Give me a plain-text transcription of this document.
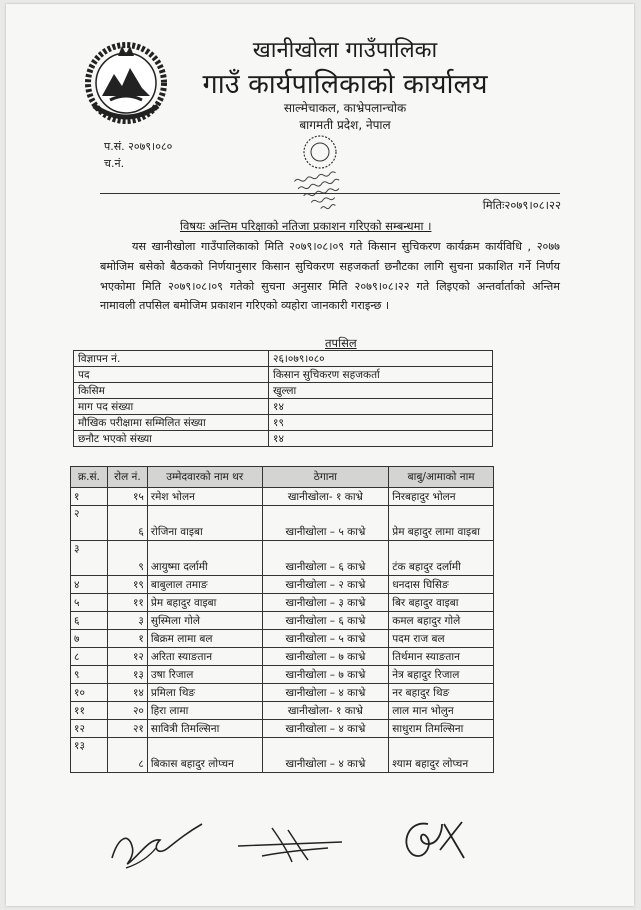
खानीखोला गाउँपालिका
गाउँ कार्यपालिकाको कार्यालय
साल्मेचाकल, काभ्रेपलान्चोक
बागमती प्रदेश, नेपाल
प.सं. २०७९।०८०
च.नं.
मितिः२०७९।०८।२२
विषयः अन्तिम परिक्षाको नतिजा प्रकाशन गरिएको सम्बन्धमा ।
यस खानीखोला गाउँपालिकाको मिति २०७९।०८।०९ गते किसान सुचिकरण कार्यक्रम कार्यविधि , २०७७ बमोजिम बसेको बैठकको निर्णयानुसार किसान सुचिकरण सहजकर्ता छनौटका लागि सुचना प्रकाशित गर्ने निर्णय भएकोमा मिति २०७९।०८।०९ गतेको सुचना अनुसार मिति २०७९।०८।२२ गते लिइएको अन्तर्वार्ताको अन्तिम नामावली तपसिल बमोजिम प्रकाशन गरिएको व्यहोरा जानकारी गराइन्छ ।
तपसिल
विज्ञापन नं.	२६।०७९।०८०
पद	किसान सुचिकरण सहजकर्ता
किसिम	खुल्ला
माग पद संख्या	१४
मौखिक परीक्षामा सम्मिलित संख्या	१९
छनौट भएको संख्या	१४
क्र.सं.	रोल नं.	उम्मेदवारको नाम थर	ठेगाना	बाबु/आमाको नाम
१	१५	रमेश भोलन	खानीखोला- १ काभ्रे	निरबहादुर भोलन
२	६	रोजिना वाइबा	खानीखोला – ५ काभ्रे	प्रेम बहादुर लामा वाइबा
३	९	आयुष्मा दर्लामी	खानीखोला – ६ काभ्रे	टंक बहादुर दर्लामी
४	१९	बाबुलाल तमाङ	खानीखोला – २ काभ्रे	धनदास घिसिङ
५	११	प्रेम बहादुर वाइबा	खानीखोला – ३ काभ्रे	बिर बहादुर वाइबा
६	३	सुस्मिला गोले	खानीखोला – ६ काभ्रे	कमल बहादुर गोले
७	१	बिक्रम लामा बल	खानीखोला – ५ काभ्रे	पदम राज बल
८	१२	अरिता स्याङतान	खानीखोला – ७ काभ्रे	तिर्थमान स्याङतान
९	१३	उषा रिजाल	खानीखोला – ७ काभ्रे	नेत्र बहादुर रिजाल
१०	१४	प्रमिला थिङ	खानीखोला – ४ काभ्रे	नर बहादुर थिङ
११	२०	हिरा लामा	खानीखोला- १ काभ्रे	लाल मान भोलुन
१२	२१	सावित्री तिमल्सिना	खानीखोला – ४ काभ्रे	साधुराम तिमल्सिना
१३	८	बिकास बहादुर लोप्चन	खानीखोला – ४ काभ्रे	श्याम बहादुर लोप्चन
